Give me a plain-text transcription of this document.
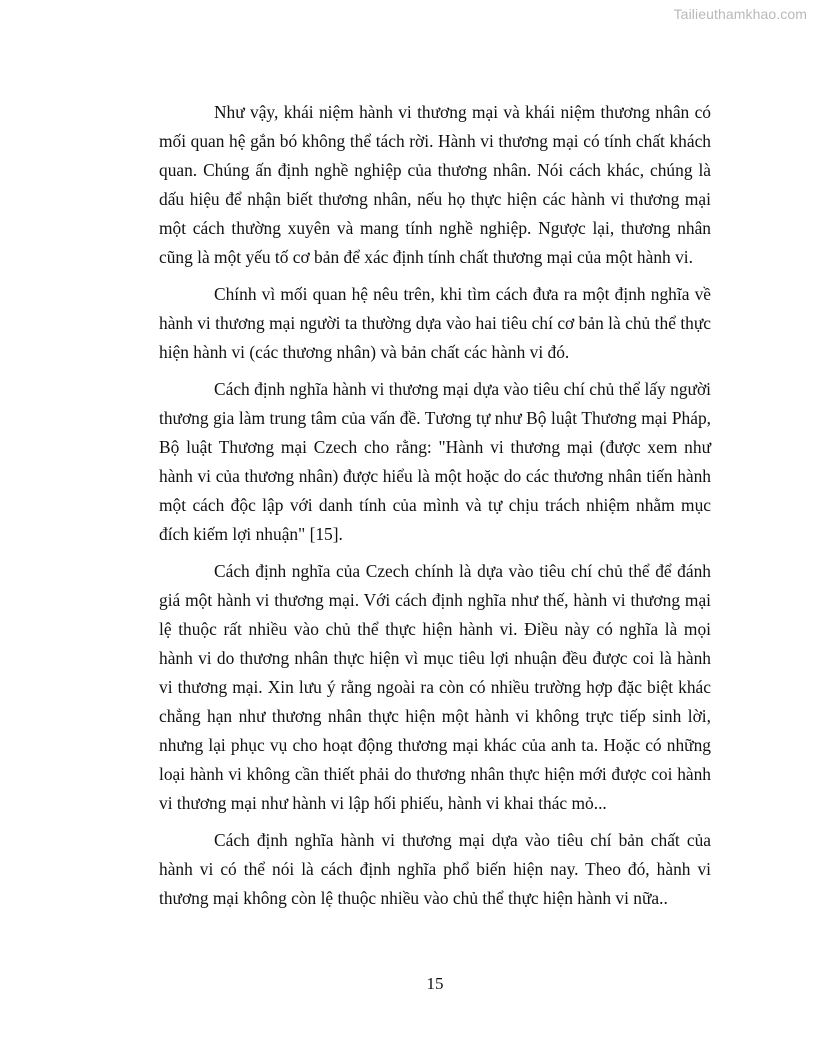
Tailieuthamkhao.com

Như vậy, khái niệm hành vi thương mại và khái niệm thương nhân có mối quan hệ gắn bó không thể tách rời. Hành vi thương mại có tính chất khách quan. Chúng ấn định nghề nghiệp của thương nhân. Nói cách khác, chúng là dấu hiệu để nhận biết thương nhân, nếu họ thực hiện các hành vi thương mại một cách thường xuyên và mang tính nghề nghiệp. Ngược lại, thương nhân cũng là một yếu tố cơ bản để xác định tính chất thương mại của một hành vi.

Chính vì mối quan hệ nêu trên, khi tìm cách đưa ra một định nghĩa về hành vi thương mại người ta thường dựa vào hai tiêu chí cơ bản là chủ thể thực hiện hành vi (các thương nhân) và bản chất các hành vi đó.

Cách định nghĩa hành vi thương mại dựa vào tiêu chí chủ thể lấy người thương gia làm trung tâm của vấn đề. Tương tự như Bộ luật Thương mại Pháp, Bộ luật Thương mại Czech cho rằng: "Hành vi thương mại (được xem như hành vi của thương nhân) được hiểu là một hoặc do các thương nhân tiến hành một cách độc lập với danh tính của mình và tự chịu trách nhiệm nhằm mục đích kiếm lợi nhuận" [15].

Cách định nghĩa của Czech chính là dựa vào tiêu chí chủ thể để đánh giá một hành vi thương mại. Với cách định nghĩa như thế, hành vi thương mại lệ thuộc rất nhiều vào chủ thể thực hiện hành vi. Điều này có nghĩa là mọi hành vi do thương nhân thực hiện vì mục tiêu lợi nhuận đều được coi là hành vi thương mại. Xin lưu ý rằng ngoài ra còn có nhiều trường hợp đặc biệt khác chẳng hạn như thương nhân thực hiện một hành vi không trực tiếp sinh lời, nhưng lại phục vụ cho hoạt động thương mại khác của anh ta. Hoặc có những loại hành vi không cần thiết phải do thương nhân thực hiện mới được coi hành vi thương mại như hành vi lập hối phiếu, hành vi khai thác mỏ...

Cách định nghĩa hành vi thương mại dựa vào tiêu chí bản chất của hành vi có thể nói là cách định nghĩa phổ biến hiện nay. Theo đó, hành vi thương mại không còn lệ thuộc nhiều vào chủ thể thực hiện hành vi nữa..

15
